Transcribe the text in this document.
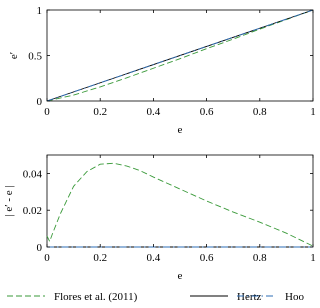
0	0.2	0.4	0.6	0.8	1
0
0.5
1
e
e′
0	0.2	0.4	0.6	0.8	1
0
0.02
0.04
e
| e′ - e |
Flores et al. (2011)	Hertz Hoo
